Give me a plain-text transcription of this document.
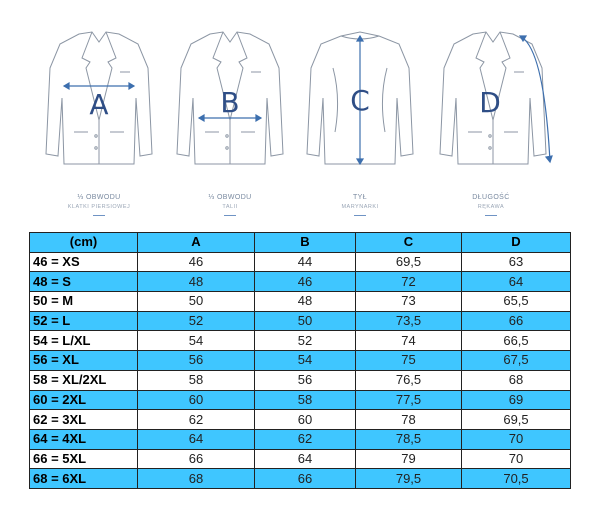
A	B	C	D
⅓ OBWODU
KLATKI PIERSIOWEJ
⅓ OBWODU
TALII
TYŁ
MARYNARKI
DŁUGOŚĆ
RĘKAWA
(cm)	A	B	C	D
46 = XS	46	44	69,5	63
48 = S	48	46	72	64
50 = M	50	48	73	65,5
52 = L	52	50	73,5	66
54 = L/XL	54	52	74	66,5
56 = XL	56	54	75	67,5
58 = XL/2XL	58	56	76,5	68
60 = 2XL	60	58	77,5	69
62 = 3XL	62	60	78	69,5
64 = 4XL	64	62	78,5	70
66 = 5XL	66	64	79	70
68 = 6XL	68	66	79,5	70,5
